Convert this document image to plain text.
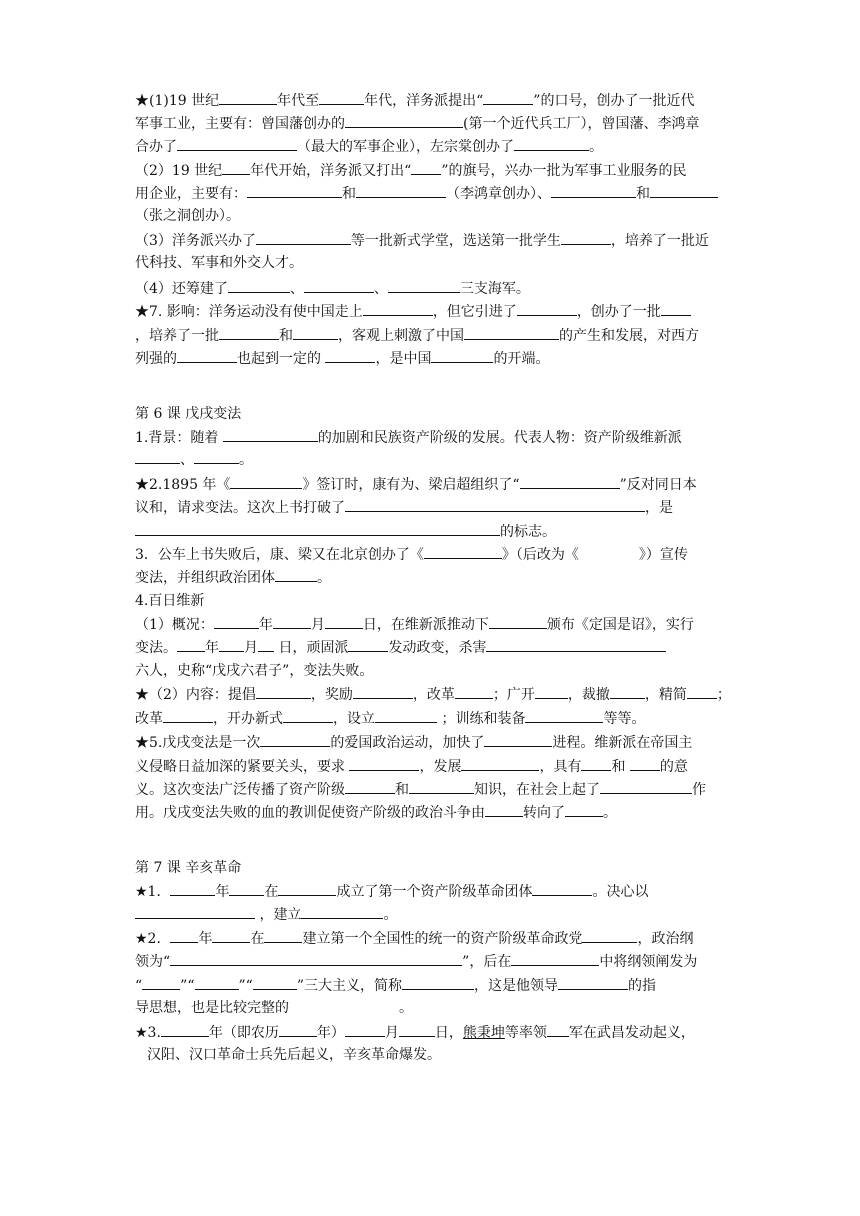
★(1)19 世纪	年代至	年代，洋务派提出“	”的口号，创办了一批近代
军事工业，主要有：曾国藩创办的	(第一个近代兵工厂），曾国藩、李鸿章
合办了	（最大的军事企业），左宗棠创办了	。
（2）19 世纪 年代开始，洋务派又打出“ ”的旗号，兴办一批为军事工业服务的民
用企业，主要有：	和	（李鸿章创办）、	和
（张之洞创办）。
（3）洋务派兴办了	等一批新式学堂，选送第一批学生	，培养了一批近
代科技、军事和外交人才。
（4）还筹建了	、	、	三支海军。
★7. 影响：洋务运动没有使中国走上	，但它引进了	，创办了一批
，培养了一批	和	，客观上刺激了中国	的产生和发展，对西方
列强的	也起到一定的	，是中国	的开端。
第 6 课 戊戌变法
1.背景：随着	的加剧和民族资产阶级的发展。代表人物：资产阶级维新派
、	。
★2.1895 年《	》签订时，康有为、梁启超组织了“	”反对同日本
议和，请求变法。这次上书打破了	，是
的标志。
3．公车上书失败后，康、梁又在北京创办了《	》（后改为《	》）宣传
变法，并组织政治团体	。
4.百日维新
（1）概况：	年	月	日，在维新派推动下	颁布《定国是诏》，实行
变法。 年 月 日，顽固派	发动政变，杀害
六人，史称“戊戌六君子”，变法失败。
★（2）内容：提倡	，奖励	，改革	；广开 ，裁撤	，精简 ；
改革	，开办新式	，设立	；训练和装备	等等。
★5.戊戌变法是一次	的爱国政治运动，加快了	进程。维新派在帝国主
义侵略日益加深的紧要关头，要求	，发展	，具有 和 的意
义。这次变法广泛传播了资产阶级	和	知识，在社会上起了	作
用。戊戌变法失败的血的教训促使资产阶级的政治斗争由	转向了	。
第 7 课 辛亥革命
★1．	年	在	成立了第一个资产阶级革命团体	。决心以
，建立	。
★2． 年	在	建立第一个全国性的统一的资产阶级革命政党	，政治纲
领为“	”，后在	中将纲领阐发为
“	”“	”“	”三大主义，简称	，这是他领导	的指
导思想，也是比较完整的	。
★3.	年（即农历	年）	月	日，熊秉坤等率领 军在武昌发动起义，
汉阳、汉口革命士兵先后起义，辛亥革命爆发。
